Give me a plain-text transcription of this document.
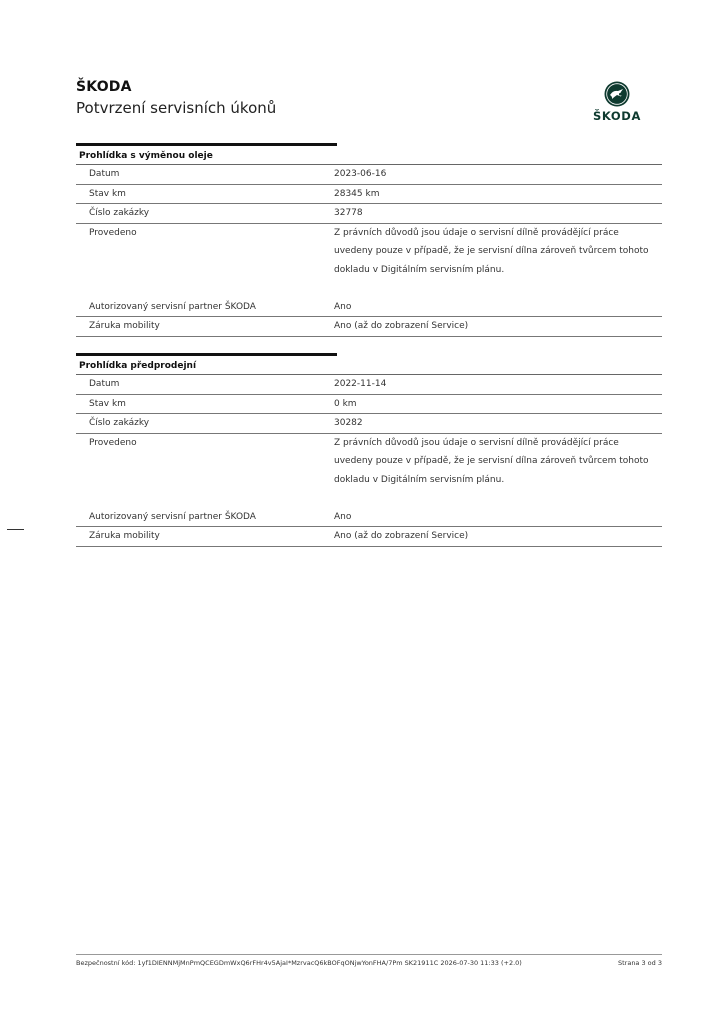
ŠKODA
Potvrzení servisních úkonů	ŠKODA
Prohlídka s výměnou oleje
Datum	2023-06-16
Stav km	28345 km
Číslo zakázky	32778
Provedeno	Z právních důvodů jsou údaje o servisní dílně provádějící práce uvedeny pouze v případě, že je servisní dílna zároveň tvůrcem tohoto dokladu v Digitálním servisním plánu.
Autorizovaný servisní partner ŠKODA	Ano
Záruka mobility	Ano (až do zobrazení Service)
Prohlídka předprodejní
Datum	2022-11-14
Stav km	0 km
Číslo zakázky	30282
Provedeno	Z právních důvodů jsou údaje o servisní dílně provádějící práce uvedeny pouze v případě, že je servisní dílna zároveň tvůrcem tohoto dokladu v Digitálním servisním plánu.
Autorizovaný servisní partner ŠKODA	Ano
Záruka mobility	Ano (až do zobrazení Service)
Bezpečnostní kód: 1yf1DIENNMjMnPmQCEGDmWxQ6rFHr4v5AjaI*MzrvacQ6kBOFqONjwYonFHA/7Pm SK21911C 2026-07-30 11:33 (+2.0)	Strana 3 od 3
